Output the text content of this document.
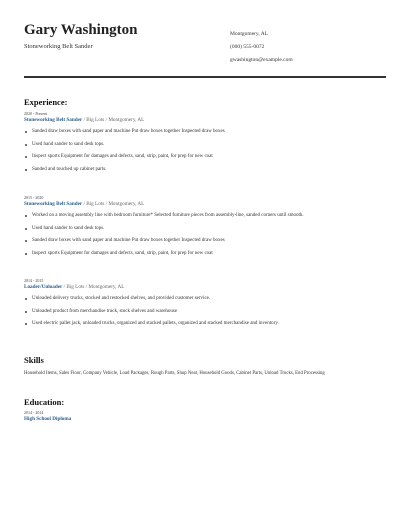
Gary Washington
Stoneworking Belt Sander
Montgomery, AL
(000) 555-0072
gwashington@example.com
Experience:
2020 - Present
Stoneworking Belt Sander / Big Lots / Montgomery, AL
Sanded draw boxes with sand paper and machine Put draw boxes together Inspected draw boxes
Used hand sander to sand desk tops.
Inspect sports Equipment for damages and defects, sand, strip, paint, for prep for new coat
Sanded and touched up cabinet parts.
2015 - 2020
Stoneworking Belt Sander / Big Lots / Montgomery, AL
Worked on a moving assembly line with bedroom furniture* Selected furniture pieces from assembly-line, sanded corners until smooth.
Used hand sander to sand desk tops.
Sanded draw boxes with sand paper and machine Put draw boxes together Inspected draw boxes
Inspect sports Equipment for damages and defects, sand, strip, paint, for prep for new coat
2014 - 2015
Loader/Unloader / Big Lots / Montgomery, AL
Unloaded delivery trucks, stocked and restocked shelves, and provided customer service.
Unloaded product from merchandise truck, stock shelves and warehouse
Used electric pallet jack, unloaded trucks, organized and stacked pallets, organized and stacked merchandise and inventory.
Skills
Household Items, Sales Floor, Company Vehicle, Load Packages, Rough Parts, Shop Neat, Household Goods, Cabinet Parts, Unload Trucks, End Processing
Education:
2014 - 2014
High School Diploma
